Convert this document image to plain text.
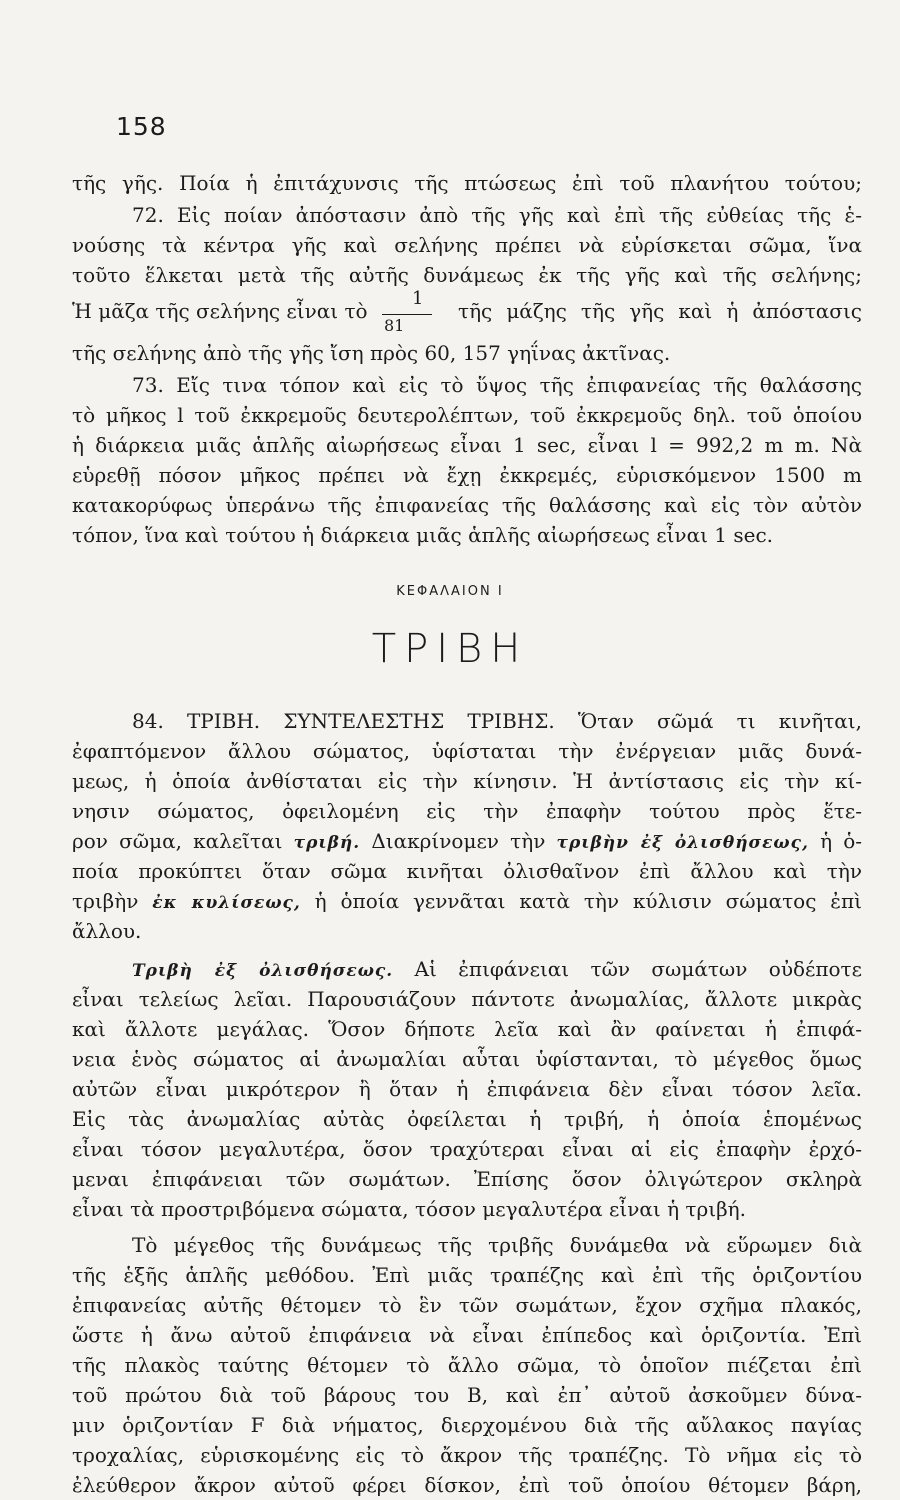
158
τῆς γῆς. Ποία ἡ ἐπιτάχυνσις τῆς πτώσεως ἐπὶ τοῦ πλανήτου τούτου;
72. Εἰς ποίαν ἀπόστασιν ἀπὸ τῆς γῆς καὶ ἐπὶ τῆς εὐθείας τῆς ἑ-
νούσης τὰ κέντρα γῆς καὶ σελήνης πρέπει νὰ εὑρίσκεται σῶμα, ἵνα
τοῦτο ἕλκεται μετὰ τῆς αὐτῆς δυνάμεως ἐκ τῆς γῆς καὶ τῆς σελήνης;
Ἡ μᾶζα τῆς σελήνης εἶναι τὸ
1
81
τῆς μάζης τῆς γῆς καὶ ἡ ἀπόστασις
τῆς σελήνης ἀπὸ τῆς γῆς ἴση πρὸς 60, 157 γηΐνας ἀκτῖνας.
73. Εἴς τινα τόπον καὶ εἰς τὸ ὕψος τῆς ἐπιφανείας τῆς θαλάσσης
τὸ μῆκος l τοῦ ἐκκρεμοῦς δευτερολέπτων, τοῦ ἐκκρεμοῦς δηλ. τοῦ ὁποίου
ἡ διάρκεια μιᾶς ἁπλῆς αἰωρήσεως εἶναι 1 sec, εἶναι l = 992,2 m m. Νὰ
εὑρεθῇ πόσον μῆκος πρέπει νὰ ἔχῃ ἐκκρεμές, εὑρισκόμενον 1500 m
κατακορύφως ὑπεράνω τῆς ἐπιφανείας τῆς θαλάσσης καὶ εἰς τὸν αὐτὸν
τόπον, ἵνα καὶ τούτου ἡ διάρκεια μιᾶς ἁπλῆς αἰωρήσεως εἶναι 1 sec.
ΚΕΦΑΛΑΙΟΝ Ι
ΤΡΙΒΗ
84. ΤΡΙΒΗ. ΣΥΝΤΕΛΕΣΤΗΣ ΤΡΙΒΗΣ. Ὅταν σῶμά τι κινῆται,
ἐφαπτόμενον ἄλλου σώματος, ὑφίσταται τὴν ἐνέργειαν μιᾶς δυνά-
μεως, ἡ ὁποία ἀνθίσταται εἰς τὴν κίνησιν. Ἡ ἀντίστασις εἰς τὴν κί-
νησιν σώματος, ὀφειλομένη εἰς τὴν ἐπαφὴν τούτου πρὸς ἕτε-
ρον σῶμα, καλεῖται τριβή. Διακρίνομεν τὴν τριβὴν ἐξ ὀλισθήσεως, ἡ ὁ-
ποία προκύπτει ὅταν σῶμα κινῆται ὀλισθαῖνον ἐπὶ ἄλλου καὶ τὴν
τριβὴν ἐκ κυλίσεως, ἡ ὁποία γεννᾶται κατὰ τὴν κύλισιν σώματος ἐπὶ
ἄλλου.
Τριβὴ ἐξ ὀλισθήσεως. Αἱ ἐπιφάνειαι τῶν σωμάτων οὐδέποτε
εἶναι τελείως λεῖαι. Παρουσιάζουν πάντοτε ἀνωμαλίας, ἄλλοτε μικρὰς
καὶ ἄλλοτε μεγάλας. Ὅσον δήποτε λεῖα καὶ ἂν φαίνεται ἡ ἐπιφά-
νεια ἑνὸς σώματος αἱ ἀνωμαλίαι αὗται ὑφίστανται, τὸ μέγεθος ὅμως
αὐτῶν εἶναι μικρότερον ἢ ὅταν ἡ ἐπιφάνεια δὲν εἶναι τόσον λεῖα.
Εἰς τὰς ἀνωμαλίας αὐτὰς ὀφείλεται ἡ τριβή, ἡ ὁποία ἑπομένως
εἶναι τόσον μεγαλυτέρα, ὅσον τραχύτεραι εἶναι αἱ εἰς ἐπαφὴν ἐρχό-
μεναι ἐπιφάνειαι τῶν σωμάτων. Ἐπίσης ὅσον ὀλιγώτερον σκληρὰ
εἶναι τὰ προστριβόμενα σώματα, τόσον μεγαλυτέρα εἶναι ἡ τριβή.
Τὸ μέγεθος τῆς δυνάμεως τῆς τριβῆς δυνάμεθα νὰ εὕρωμεν διὰ
τῆς ἑξῆς ἁπλῆς μεθόδου. Ἐπὶ μιᾶς τραπέζης καὶ ἐπὶ τῆς ὁριζοντίου
ἐπιφανείας αὐτῆς θέτομεν τὸ ἓν τῶν σωμάτων, ἔχον σχῆμα πλακός,
ὥστε ἡ ἄνω αὐτοῦ ἐπιφάνεια νὰ εἶναι ἐπίπεδος καὶ ὁριζοντία. Ἐπὶ
τῆς πλακὸς ταύτης θέτομεν τὸ ἄλλο σῶμα, τὸ ὁποῖον πιέζεται ἐπὶ
τοῦ πρώτου διὰ τοῦ βάρους του B, καὶ ἐπ᾽ αὐτοῦ ἀσκοῦμεν δύνα-
μιν ὁριζοντίαν F διὰ νήματος, διερχομένου διὰ τῆς αὔλακος παγίας
τροχαλίας, εὑρισκομένης εἰς τὸ ἄκρον τῆς τραπέζης. Τὸ νῆμα εἰς τὸ
ἐλεύθερον ἄκρον αὐτοῦ φέρει δίσκον, ἐπὶ τοῦ ὁποίου θέτομεν βάρη,
